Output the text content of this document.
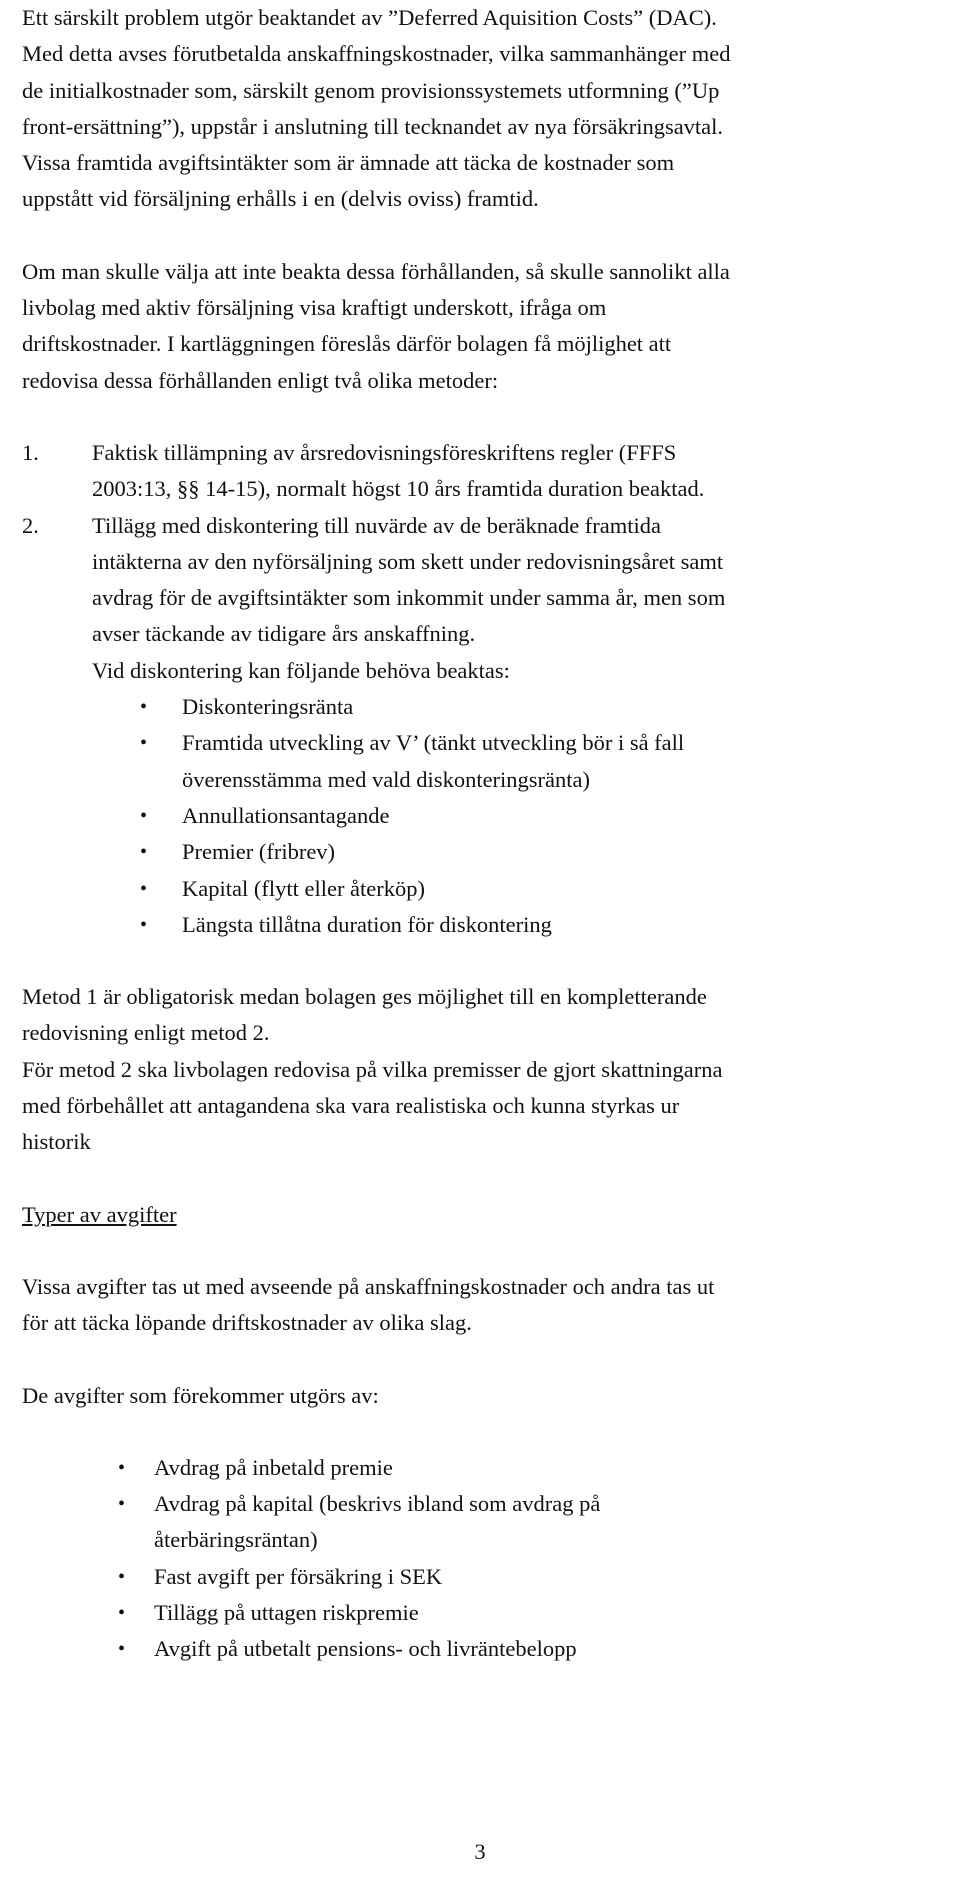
Ett särskilt problem utgör beaktandet av ”Deferred Aquisition Costs” (DAC).
Med detta avses förutbetalda anskaffningskostnader, vilka sammanhänger med
de initialkostnader som, särskilt genom provisionssystemets utformning (”Up
front-ersättning”), uppstår i anslutning till tecknandet av nya försäkringsavtal.
Vissa framtida avgiftsintäkter som är ämnade att täcka de kostnader som
uppstått vid försäljning erhålls i en (delvis oviss) framtid.

Om man skulle välja att inte beakta dessa förhållanden, så skulle sannolikt alla
livbolag med aktiv försäljning visa kraftigt underskott, ifråga om
driftskostnader. I kartläggningen föreslås därför bolagen få möjlighet att
redovisa dessa förhållanden enligt två olika metoder:

1. Faktisk tillämpning av årsredovisningsföreskriftens regler (FFFS
2003:13, §§ 14-15), normalt högst 10 års framtida duration beaktad.
2. Tillägg med diskontering till nuvärde av de beräknade framtida
intäkterna av den nyförsäljning som skett under redovisningsåret samt
avdrag för de avgiftsintäkter som inkommit under samma år, men som
avser täckande av tidigare års anskaffning.
Vid diskontering kan följande behöva beaktas:
• Diskonteringsränta
• Framtida utveckling av V’ (tänkt utveckling bör i så fall
överensstämma med vald diskonteringsränta)
• Annullationsantagande
• Premier (fribrev)
• Kapital (flytt eller återköp)
• Längsta tillåtna duration för diskontering

Metod 1 är obligatorisk medan bolagen ges möjlighet till en kompletterande
redovisning enligt metod 2.
För metod 2 ska livbolagen redovisa på vilka premisser de gjort skattningarna
med förbehållet att antagandena ska vara realistiska och kunna styrkas ur
historik

Typer av avgifter

Vissa avgifter tas ut med avseende på anskaffningskostnader och andra tas ut
för att täcka löpande driftskostnader av olika slag.

De avgifter som förekommer utgörs av:

• Avdrag på inbetald premie
• Avdrag på kapital (beskrivs ibland som avdrag på
återbäringsräntan)
• Fast avgift per försäkring i SEK
• Tillägg på uttagen riskpremie
• Avgift på utbetalt pensions- och livräntebelopp
3
